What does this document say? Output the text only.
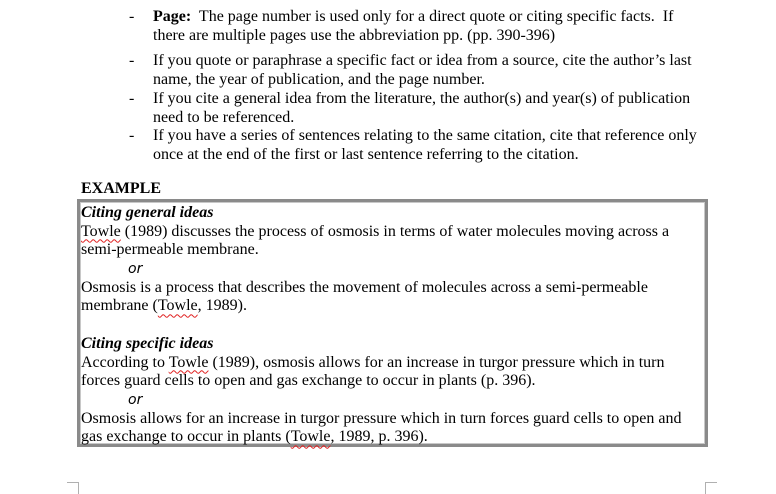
- Page:  The page number is used only for a direct quote or citing specific facts.  If
there are multiple pages use the abbreviation pp. (pp. 390-396)
- If you quote or paraphrase a specific fact or idea from a source, cite the author’s last
name, the year of publication, and the page number.
- If you cite a general idea from the literature, the author(s) and year(s) of publication
need to be referenced.
- If you have a series of sentences relating to the same citation, cite that reference only
once at the end of the first or last sentence referring to the citation.
EXAMPLE
Citing general ideas
Towle (1989) discusses the process of osmosis in terms of water molecules moving across a
semi-permeable membrane.
or
Osmosis is a process that describes the movement of molecules across a semi-permeable
membrane (Towle, 1989).
Citing specific ideas
According to Towle (1989), osmosis allows for an increase in turgor pressure which in turn
forces guard cells to open and gas exchange to occur in plants (p. 396).
or
Osmosis allows for an increase in turgor pressure which in turn forces guard cells to open and
gas exchange to occur in plants (Towle, 1989, p. 396).
